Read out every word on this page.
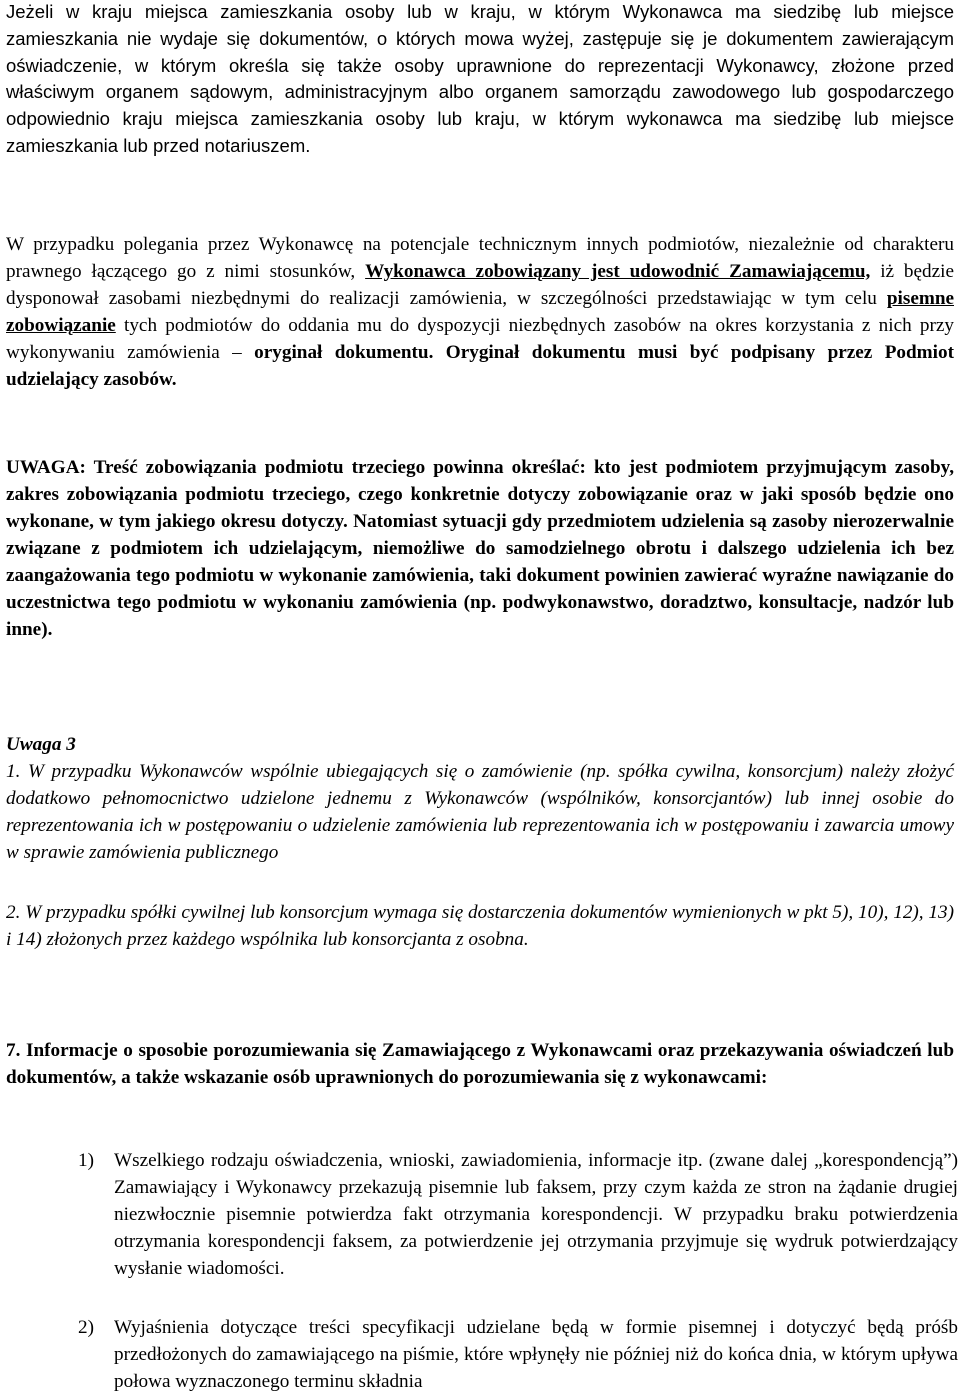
Jeżeli w kraju miejsca zamieszkania osoby lub w kraju, w którym Wykonawca ma siedzibę lub miejsce zamieszkania nie wydaje się dokumentów, o których mowa wyżej, zastępuje się je dokumentem zawierającym oświadczenie, w którym określa się także osoby uprawnione do reprezentacji Wykonawcy, złożone przed właściwym organem sądowym, administracyjnym albo organem samorządu zawodowego lub gospodarczego odpowiednio kraju miejsca zamieszkania osoby lub kraju, w którym wykonawca ma siedzibę lub miejsce zamieszkania lub przed notariuszem.

W przypadku polegania przez Wykonawcę na potencjale technicznym innych podmiotów, niezależnie od charakteru prawnego łączącego go z nimi stosunków, Wykonawca zobowiązany jest udowodnić Zamawiającemu, iż będzie dysponował zasobami niezbędnymi do realizacji zamówienia, w szczególności przedstawiając w tym celu pisemne zobowiązanie tych podmiotów do oddania mu do dyspozycji niezbędnych zasobów na okres korzystania z nich przy wykonywaniu zamówienia – oryginał dokumentu. Oryginał dokumentu musi być podpisany przez Podmiot udzielający zasobów.

UWAGA: Treść zobowiązania podmiotu trzeciego powinna określać: kto jest podmiotem przyjmującym zasoby, zakres zobowiązania podmiotu trzeciego, czego konkretnie dotyczy zobowiązanie oraz w jaki sposób będzie ono wykonane, w tym jakiego okresu dotyczy. Natomiast sytuacji gdy przedmiotem udzielenia są zasoby nierozerwalnie związane z podmiotem ich udzielającym, niemożliwe do samodzielnego obrotu i dalszego udzielenia ich bez zaangażowania tego podmiotu w wykonanie zamówienia, taki dokument powinien zawierać wyraźne nawiązanie do uczestnictwa tego podmiotu w wykonaniu zamówienia (np. podwykonawstwo, doradztwo, konsultacje, nadzór lub inne).

Uwaga 3

1. W przypadku Wykonawców wspólnie ubiegających się o zamówienie (np. spółka cywilna, konsorcjum) należy złożyć dodatkowo pełnomocnictwo udzielone jednemu z Wykonawców (wspólników, konsorcjantów) lub innej osobie do reprezentowania ich w postępowaniu o udzielenie zamówienia lub reprezentowania ich w postępowaniu i zawarcia umowy w sprawie zamówienia publicznego

2. W przypadku spółki cywilnej lub konsorcjum wymaga się dostarczenia dokumentów wymienionych w pkt 5), 10), 12), 13) i 14) złożonych przez każdego wspólnika lub konsorcjanta z osobna.

7. Informacje o sposobie porozumiewania się Zamawiającego z Wykonawcami oraz przekazywania oświadczeń lub dokumentów, a także wskazanie osób uprawnionych do porozumiewania się z wykonawcami:

1) Wszelkiego rodzaju oświadczenia, wnioski, zawiadomienia, informacje itp. (zwane dalej „korespondencją”) Zamawiający i Wykonawcy przekazują pisemnie lub faksem, przy czym każda ze stron na żądanie drugiej niezwłocznie pisemnie potwierdza fakt otrzymania korespondencji. W przypadku braku potwierdzenia otrzymania korespondencji faksem, za potwierdzenie jej otrzymania przyjmuje się wydruk potwierdzający wysłanie wiadomości.
2) Wyjaśnienia dotyczące treści specyfikacji udzielane będą w formie pisemnej i dotyczyć będą próśb przedłożonych do zamawiającego na piśmie, które wpłynęły nie później niż do końca dnia, w którym upływa połowa wyznaczonego terminu składnia
